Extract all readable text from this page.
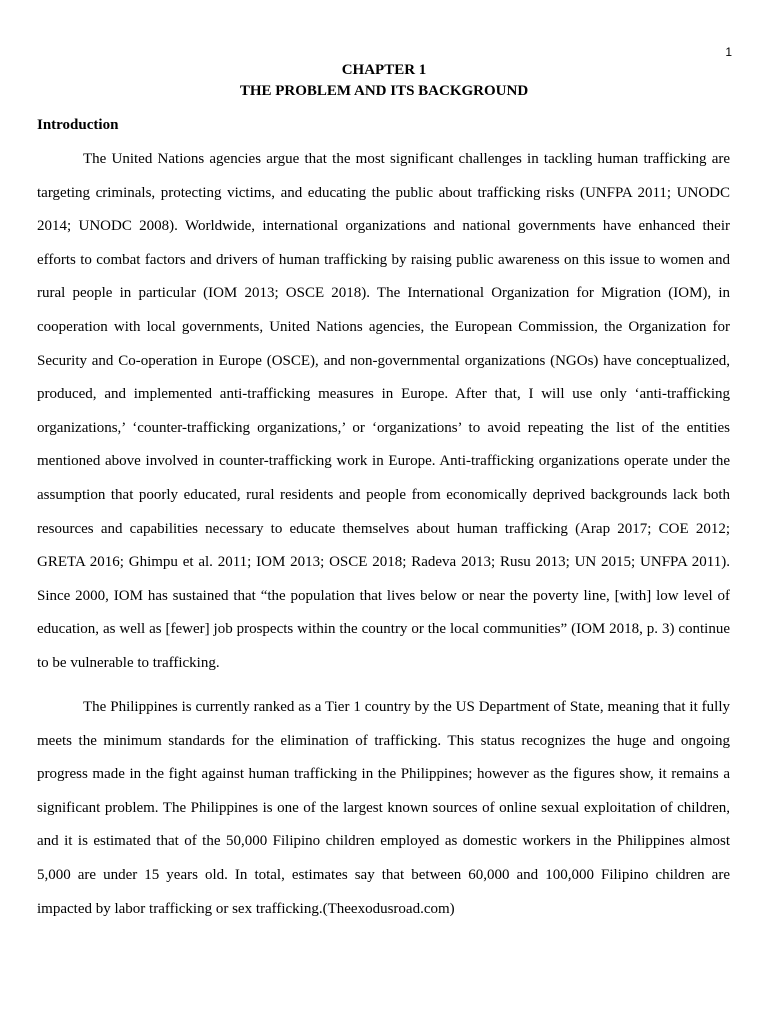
1
CHAPTER 1
THE PROBLEM AND ITS BACKGROUND
Introduction

The United Nations agencies argue that the most significant challenges in tackling human trafficking are targeting criminals, protecting victims, and educating the public about trafficking risks (UNFPA 2011; UNODC 2014; UNODC 2008). Worldwide, international organizations and national governments have enhanced their efforts to combat factors and drivers of human trafficking by raising public awareness on this issue to women and rural people in particular (IOM 2013; OSCE 2018). The International Organization for Migration (IOM), in cooperation with local governments, United Nations agencies, the European Commission, the Organization for Security and Co-operation in Europe (OSCE), and non-governmental organizations (NGOs) have conceptualized, produced, and implemented anti-trafficking measures in Europe. After that, I will use only ‘anti-trafficking organizations,’ ‘counter-trafficking organizations,’ or ‘organizations’ to avoid repeating the list of the entities mentioned above involved in counter-trafficking work in Europe. Anti-trafficking organizations operate under the assumption that poorly educated, rural residents and people from economically deprived backgrounds lack both resources and capabilities necessary to educate themselves about human trafficking (Arap 2017; COE 2012; GRETA 2016; Ghimpu et al. 2011; IOM 2013; OSCE 2018; Radeva 2013; Rusu 2013; UN 2015; UNFPA 2011). Since 2000, IOM has sustained that “the population that lives below or near the poverty line, [with] low level of education, as well as [fewer] job prospects within the country or the local communities” (IOM 2018, p. 3) continue to be vulnerable to trafficking.

The Philippines is currently ranked as a Tier 1 country by the US Department of State, meaning that it fully meets the minimum standards for the elimination of trafficking. This status recognizes the huge and ongoing progress made in the fight against human trafficking in the Philippines; however as the figures show, it remains a significant problem. The Philippines is one of the largest known sources of online sexual exploitation of children, and it is estimated that of the 50,000 Filipino children employed as domestic workers in the Philippines almost 5,000 are under 15 years old. In total, estimates say that between 60,000 and 100,000 Filipino children are impacted by labor trafficking or sex trafficking.(Theexodusroad.com)
